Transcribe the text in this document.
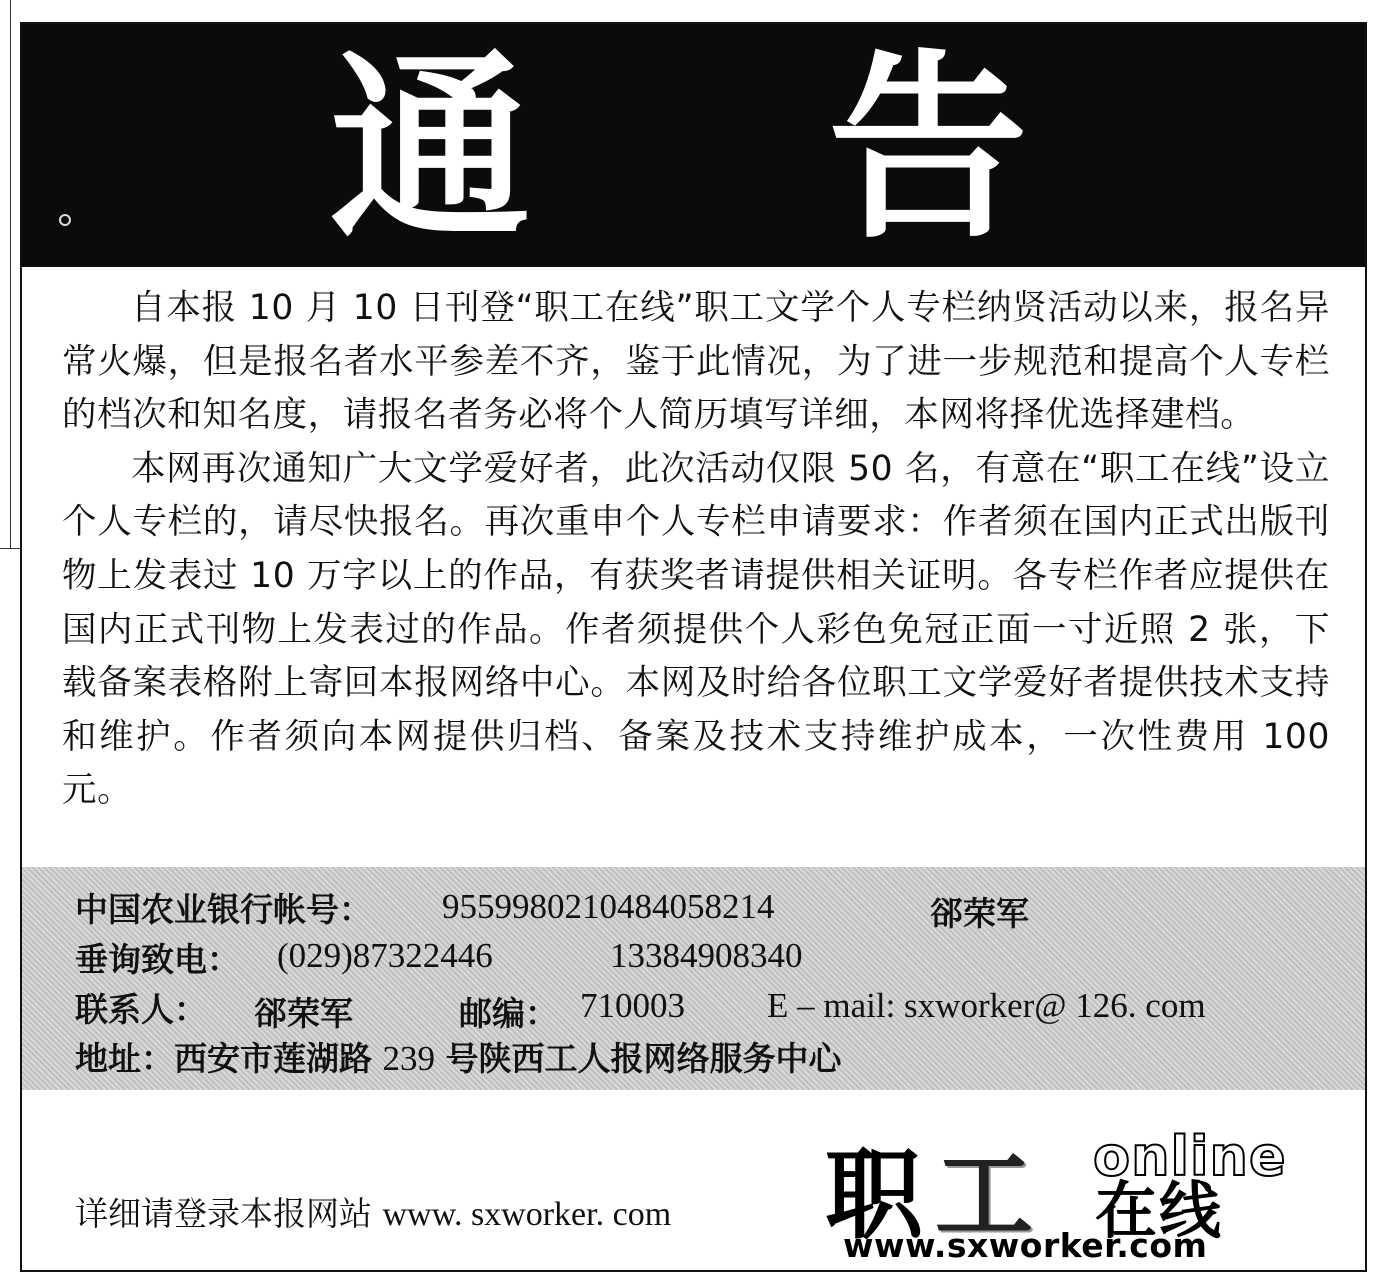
通 告

自本报 10 月 10 日刊登“职工在线”职工文学个人专栏纳贤活动以来，报名异常火爆，但是报名者水平参差不齐，鉴于此情况，为了进一步规范和提高个人专栏的档次和知名度，请报名者务必将个人简历填写详细，本网将择优选择建档。

本网再次通知广大文学爱好者，此次活动仅限 50 名，有意在“职工在线”设立个人专栏的，请尽快报名。再次重申个人专栏申请要求：作者须在国内正式出版刊物上发表过 10 万字以上的作品，有获奖者请提供相关证明。各专栏作者应提供在国内正式刊物上发表过的作品。作者须提供个人彩色免冠正面一寸近照 2 张，下载备案表格附上寄回本报网络中心。本网及时给各位职工文学爱好者提供技术支持和维护。作者须向本网提供归档、备案及技术支持维护成本，一次性费用 100 元。

中国农业银行帐号： 9559980210484058214	郤荣军
垂询致电： (029)87322446	13384908340
联系人： 郤荣军	邮编： 710003 E – mail: sxworker@ 126. com
地址：西安市莲湖路 239 号陕西工人报网络服务中心
详细请登录本报网站 www. sxworker. com 职 工 online
在线
www.sxworker.com
